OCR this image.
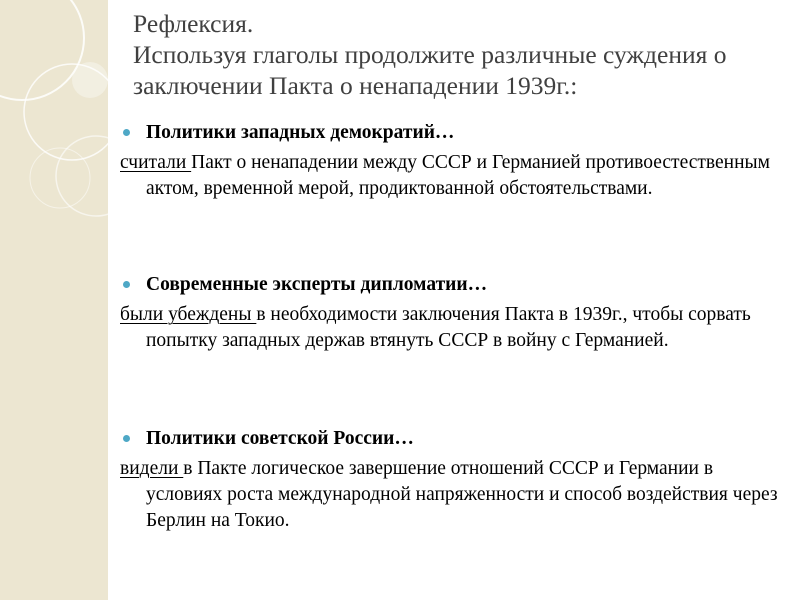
Рефлексия.
Используя глаголы продолжите различные суждения о
заключении Пакта о ненападении 1939г.:
Политики западных демократий…
считали Пакт о ненападении между СССР и Германией противоестественным актом, временной мерой, продиктованной обстоятельствами.
Современные эксперты дипломатии…
были убеждены в необходимости заключения Пакта в 1939г., чтобы сорвать попытку западных держав втянуть СССР в войну с Германией.
Политики советской России…
видели в Пакте логическое завершение отношений СССР и Германии в условиях роста международной напряженности и способ воздействия через Берлин на Токио.
